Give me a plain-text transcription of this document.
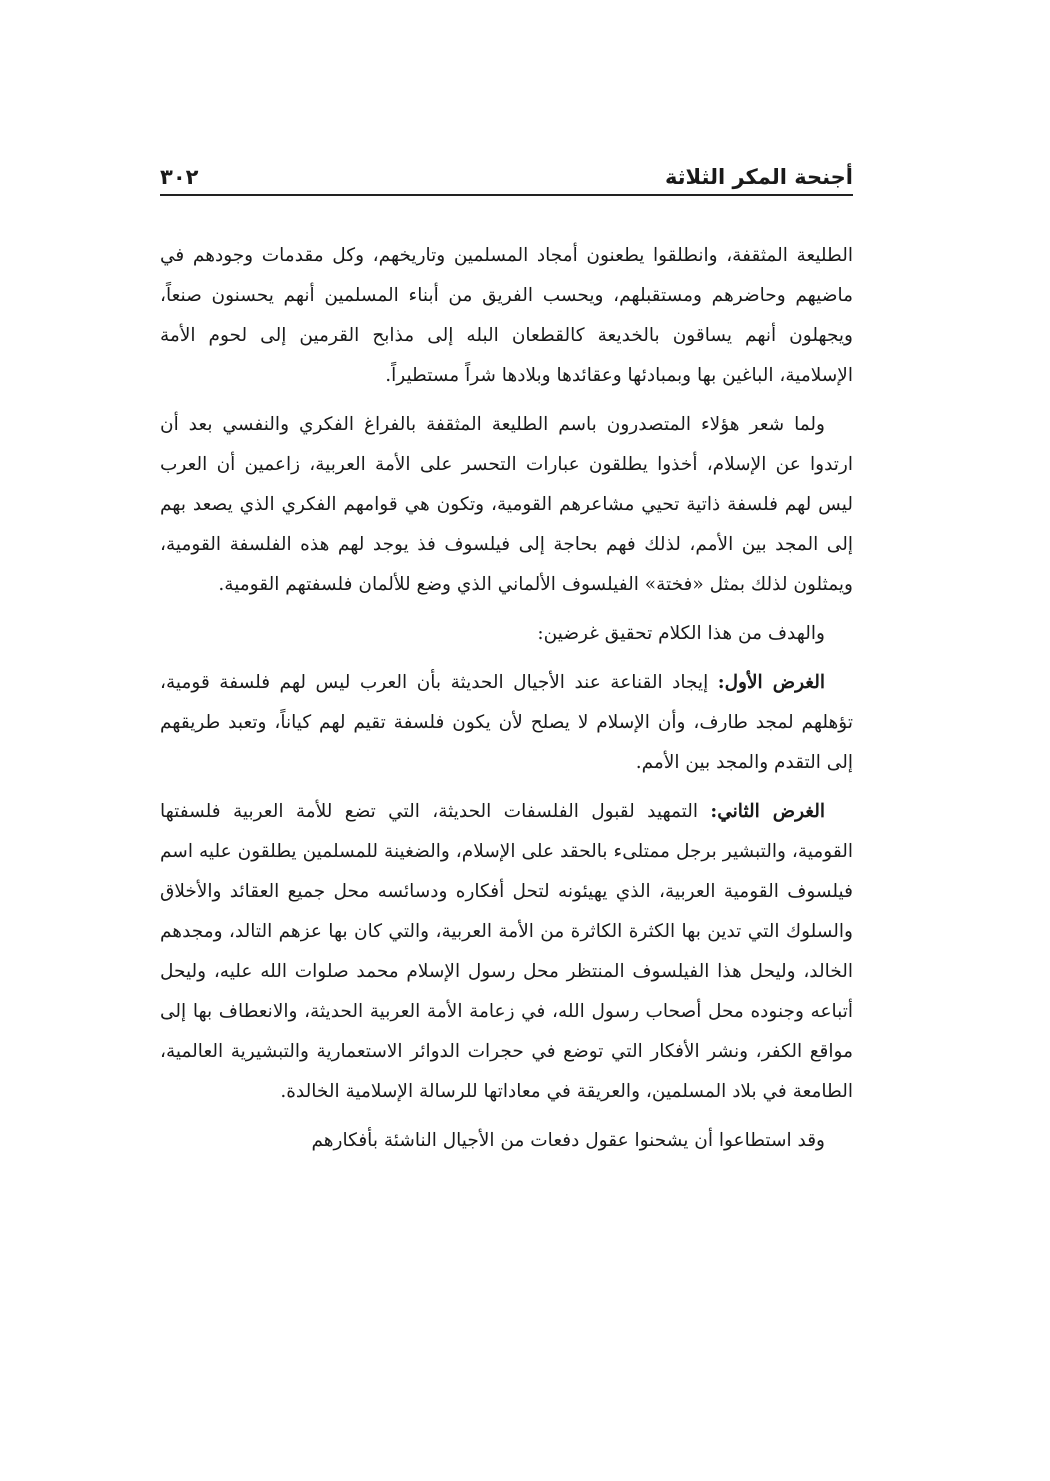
أجنحة المكر الثلاثة
٣٠٢

الطليعة المثقفة، وانطلقوا يطعنون أمجاد المسلمين وتاريخهم، وكل مقدمات وجودهم في ماضيهم وحاضرهم ومستقبلهم، ويحسب الفريق من أبناء المسلمين أنهم يحسنون صنعاً، ويجهلون أنهم يساقون بالخديعة كالقطعان البله إلى مذابح القرمين إلى لحوم الأمة الإسلامية، الباغين بها وبمبادئها وعقائدها وبلادها شراً مستطيراً.

ولما شعر هؤلاء المتصدرون باسم الطليعة المثقفة بالفراغ الفكري والنفسي بعد أن ارتدوا عن الإسلام، أخذوا يطلقون عبارات التحسر على الأمة العربية، زاعمين أن العرب ليس لهم فلسفة ذاتية تحيي مشاعرهم القومية، وتكون هي قوامهم الفكري الذي يصعد بهم إلى المجد بين الأمم، لذلك فهم بحاجة إلى فيلسوف فذ يوجد لهم هذه الفلسفة القومية، ويمثلون لذلك بمثل «فختة» الفيلسوف الألماني الذي وضع للألمان فلسفتهم القومية.

والهدف من هذا الكلام تحقيق غرضين:

الغرض الأول: إيجاد القناعة عند الأجيال الحديثة بأن العرب ليس لهم فلسفة قومية، تؤهلهم لمجد طارف، وأن الإسلام لا يصلح لأن يكون فلسفة تقيم لهم كياناً، وتعبد طريقهم إلى التقدم والمجد بين الأمم.

الغرض الثاني: التمهيد لقبول الفلسفات الحديثة، التي تضع للأمة العربية فلسفتها القومية، والتبشير برجل ممتلىء بالحقد على الإسلام، والضغينة للمسلمين يطلقون عليه اسم فيلسوف القومية العربية، الذي يهيئونه لتحل أفكاره ودسائسه محل جميع العقائد والأخلاق والسلوك التي تدين بها الكثرة الكاثرة من الأمة العربية، والتي كان بها عزهم التالد، ومجدهم الخالد، وليحل هذا الفيلسوف المنتظر محل رسول الإسلام محمد صلوات الله عليه، وليحل أتباعه وجنوده محل أصحاب رسول الله، في زعامة الأمة العربية الحديثة، والانعطاف بها إلى مواقع الكفر، ونشر الأفكار التي توضع في حجرات الدوائر الاستعمارية والتبشيرية العالمية، الطامعة في بلاد المسلمين، والعريقة في معاداتها للرسالة الإسلامية الخالدة.

وقد استطاعوا أن يشحنوا عقول دفعات من الأجيال الناشئة بأفكارهم
